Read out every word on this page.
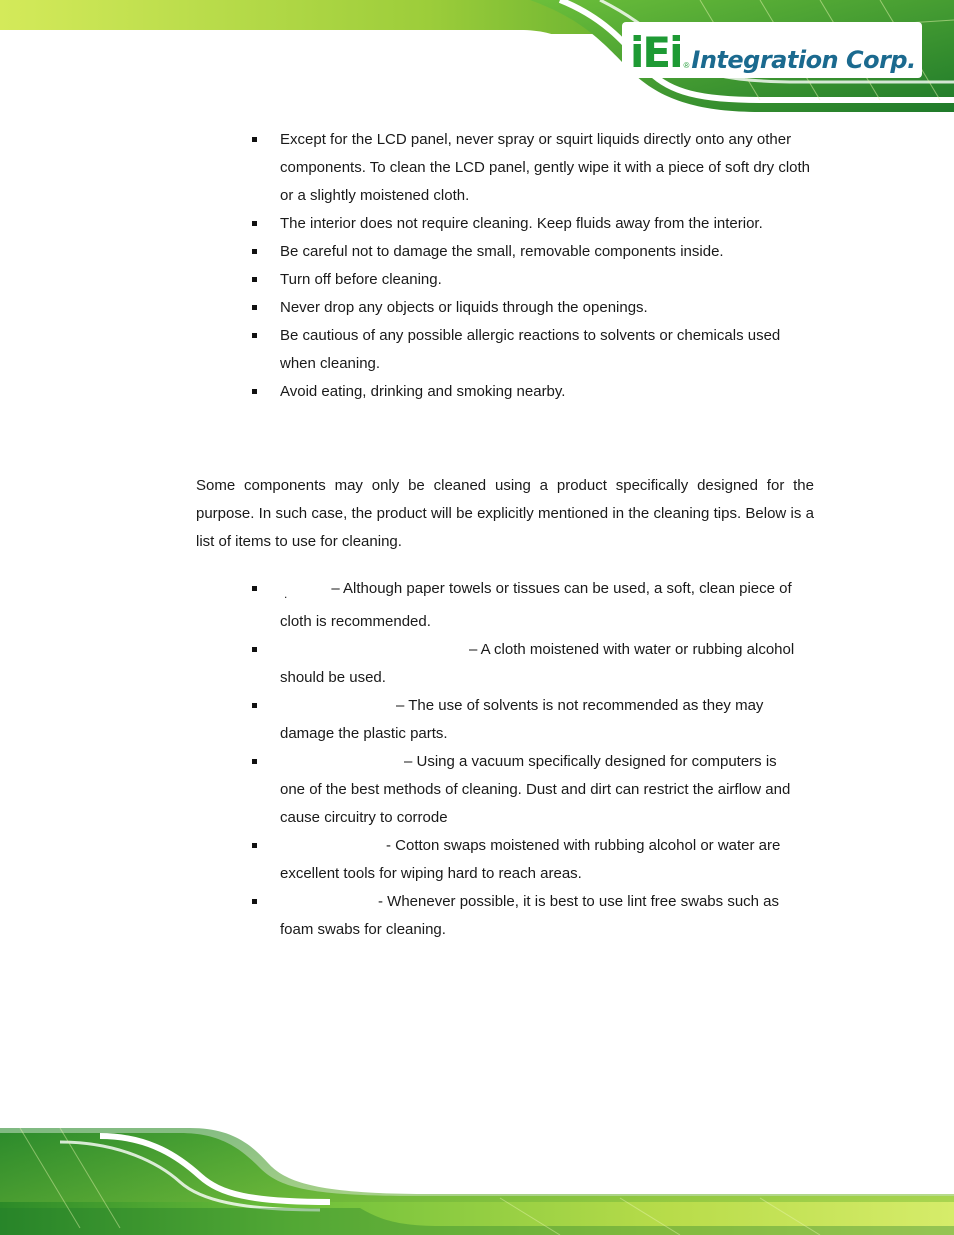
iEi ® Integration Corp.
Except for the LCD panel, never spray or squirt liquids directly onto any other components. To clean the LCD panel, gently wipe it with a piece of soft dry cloth or a slightly moistened cloth.
The interior does not require cleaning. Keep fluids away from the interior.
Be careful not to damage the small, removable components inside.
Turn off before cleaning.
Never drop any objects or liquids through the openings.
Be cautious of any possible allergic reactions to solvents or chemicals used when cleaning.
Avoid eating, drinking and smoking nearby.

Some components may only be cleaned using a product specifically designed for the purpose. In such case, the product will be explicitly mentioned in the cleaning tips. Below is a list of items to use for cleaning.

$_.$	– Although paper towels or tissues can be used, a soft, clean piece of
cloth is recommended.
– A cloth moistened with water or rubbing alcohol
should be used.
– The use of solvents is not recommended as they may
damage the plastic parts.
– Using a vacuum specifically designed for computers is
one of the best methods of cleaning. Dust and dirt can restrict the airflow and cause circuitry to corrode
- Cotton swaps moistened with rubbing alcohol or water are
excellent tools for wiping hard to reach areas.
- Whenever possible, it is best to use lint free swabs such as
foam swabs for cleaning.
